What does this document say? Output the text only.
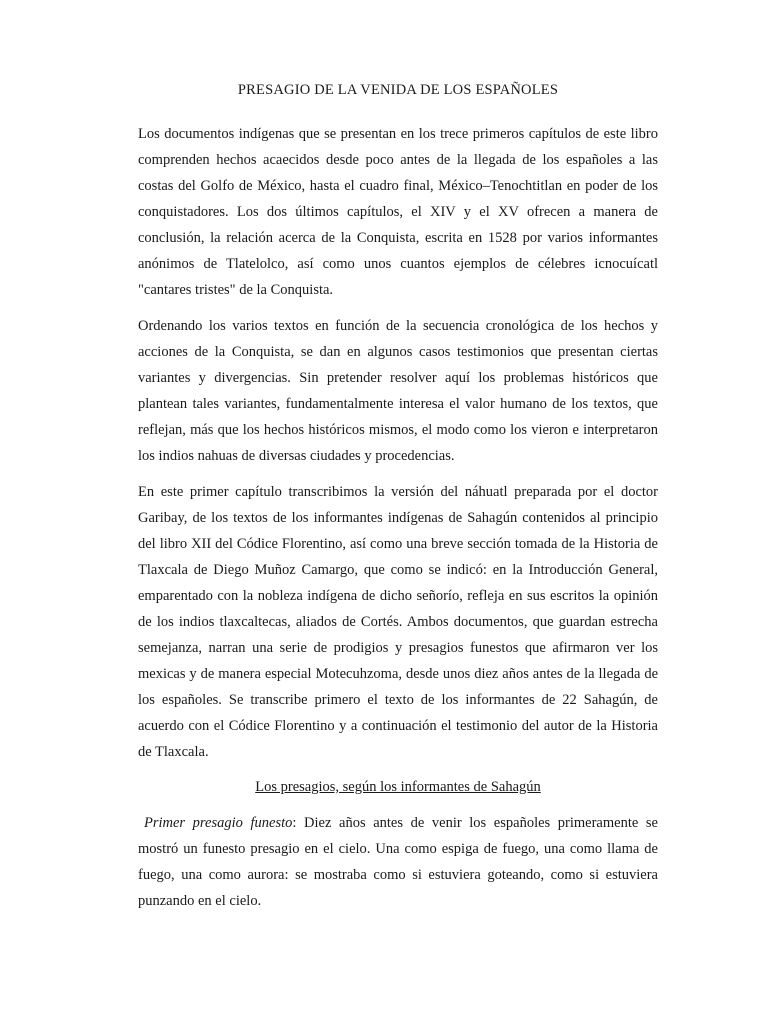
PRESAGIO DE LA VENIDA DE LOS ESPAÑOLES

Los documentos indígenas que se presentan en los trece primeros capítulos de este libro comprenden hechos acaecidos desde poco antes de la llegada de los españoles a las costas del Golfo de México, hasta el cuadro final, México–Tenochtitlan en poder de los conquistadores. Los dos últimos capítulos, el XIV y el XV ofrecen a manera de conclusión, la relación acerca de la Conquista, escrita en 1528 por varios informantes anónimos de Tlatelolco, así como unos cuantos ejemplos de célebres icnocuícatl "cantares tristes" de la Conquista.

Ordenando los varios textos en función de la secuencia cronológica de los hechos y acciones de la Conquista, se dan en algunos casos testimonios que presentan ciertas variantes y divergencias. Sin pretender resolver aquí los problemas históricos que plantean tales variantes, fundamentalmente interesa el valor humano de los textos, que reflejan, más que los hechos históricos mismos, el modo como los vieron e interpretaron los indios nahuas de diversas ciudades y procedencias.

En este primer capítulo transcribimos la versión del náhuatl preparada por el doctor Garibay, de los textos de los informantes indígenas de Sahagún contenidos al principio del libro XII del Códice Florentino, así como una breve sección tomada de la Historia de Tlaxcala de Diego Muñoz Camargo, que como se indicó: en la Introducción General, emparentado con la nobleza indígena de dicho señorío, refleja en sus escritos la opinión de los indios tlaxcaltecas, aliados de Cortés. Ambos documentos, que guardan estrecha semejanza, narran una serie de prodigios y presagios funestos que afirmaron ver los mexicas y de manera especial Motecuhzoma, desde unos diez años antes de la llegada de los españoles. Se transcribe primero el texto de los informantes de 22 Sahagún, de acuerdo con el Códice Florentino y a continuación el testimonio del autor de la Historia de Tlaxcala.

Los presagios, según los informantes de Sahagún

Primer presagio funesto: Diez años antes de venir los españoles primeramente se mostró un funesto presagio en el cielo. Una como espiga de fuego, una como llama de fuego, una como aurora: se mostraba como si estuviera goteando, como si estuviera punzando en el cielo.
